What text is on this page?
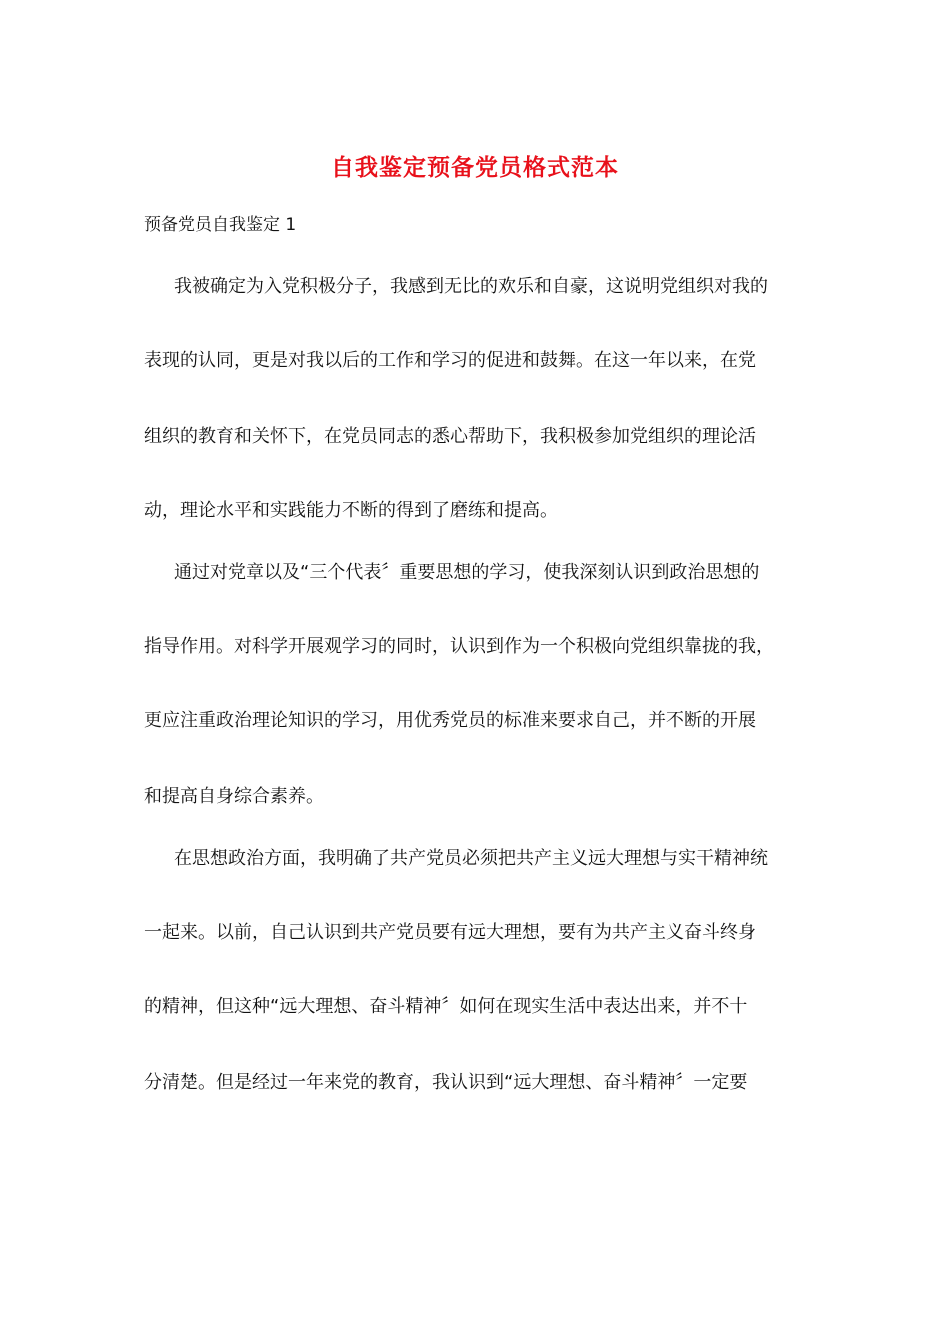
自我鉴定预备党员格式范本

预备党员自我鉴定 1

我被确定为入党积极分子，我感到无比的欢乐和自豪，这说明党组织对我的

表现的认同，更是对我以后的工作和学习的促进和鼓舞。在这一年以来，在党

组织的教育和关怀下，在党员同志的悉心帮助下，我积极参加党组织的理论活

动，理论水平和实践能力不断的得到了磨练和提高。

通过对党章以及“三个代表〞重要思想的学习，使我深刻认识到政治思想的

指导作用。对科学开展观学习的同时，认识到作为一个积极向党组织靠拢的我，

更应注重政治理论知识的学习，用优秀党员的标准来要求自己，并不断的开展

和提高自身综合素养。

在思想政治方面，我明确了共产党员必须把共产主义远大理想与实干精神统

一起来。以前，自己认识到共产党员要有远大理想，要有为共产主义奋斗终身

的精神，但这种“远大理想、奋斗精神〞如何在现实生活中表达出来，并不十

分清楚。但是经过一年来党的教育，我认识到“远大理想、奋斗精神〞一定要
